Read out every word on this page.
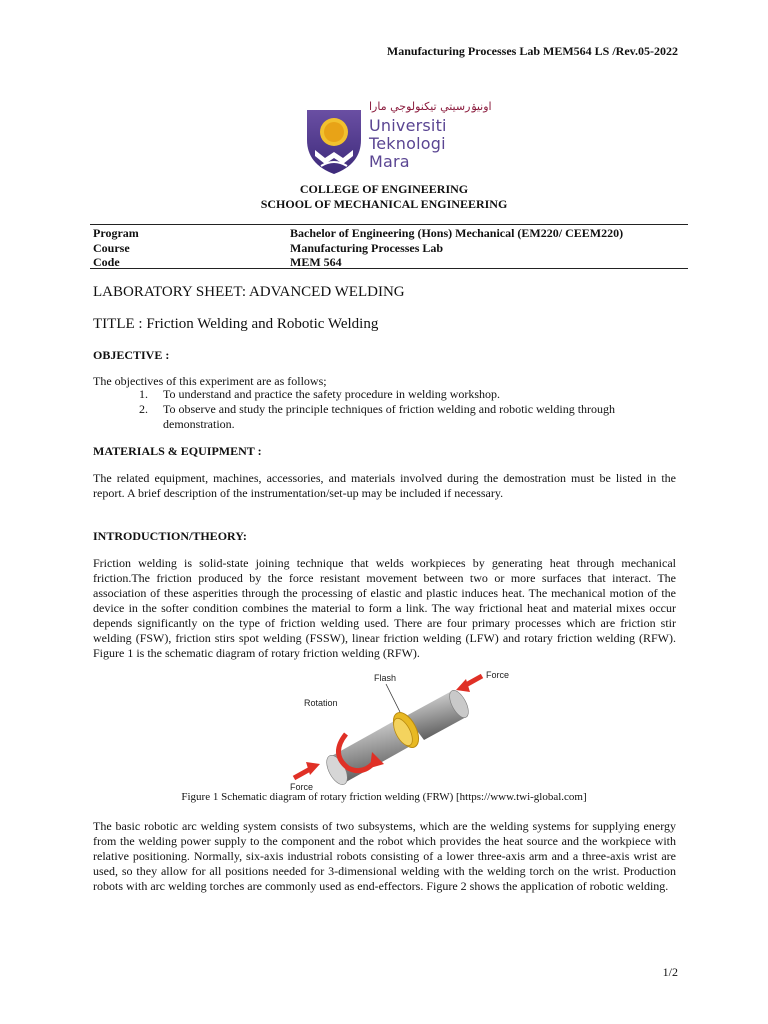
Manufacturing Processes Lab MEM564 LS /Rev.05-2022
اونيۏرسيتي تيکنولوجي مارا
Universiti
Teknologi
Mara
COLLEGE OF ENGINEERING
SCHOOL OF MECHANICAL ENGINEERING
Program	Bachelor of Engineering (Hons) Mechanical (EM220/ CEEM220)
Course	Manufacturing Processes Lab
Code	MEM 564
LABORATORY SHEET: ADVANCED WELDING
TITLE : Friction Welding and Robotic Welding
OBJECTIVE :
The objectives of this experiment are as follows;
1.	To understand and practice the safety procedure in welding workshop.
2.	To observe and study the principle techniques of friction welding and robotic welding through demonstration.
MATERIALS & EQUIPMENT :
The related equipment, machines, accessories, and materials involved during the demostration must be listed in the report. A brief description of the instrumentation/set-up may be included if necessary.
INTRODUCTION/THEORY:
Friction welding is solid-state joining technique that welds workpieces by generating heat through mechanical friction.The friction produced by the force resistant movement between two or more surfaces that interact. The association of these asperities through the processing of elastic and plastic induces heat. The mechanical motion of the device in the softer condition combines the material to form a link. The way frictional heat and material mixes occur depends significantly on the type of friction welding used. There are four primary processes which are friction stir welding (FSW), friction stirs spot welding (FSSW), linear friction welding (LFW) and rotary friction welding (RFW). Figure 1 is the schematic diagram of rotary friction welding (RFW).
Flash	Force
Rotation
Force
Figure 1 Schematic diagram of rotary friction welding (FRW) [https://www.twi-global.com]
The basic robotic arc welding system consists of two subsystems, which are the welding systems for supplying energy from the welding power supply to the component and the robot which provides the heat source and the workpiece with relative positioning. Normally, six-axis industrial robots consisting of a lower three-axis arm and a three-axis wrist are used, so they allow for all positions needed for 3-dimensional welding with the welding torch on the wrist. Production robots with arc welding torches are commonly used as end-effectors. Figure 2 shows the application of robotic welding.
1/2
